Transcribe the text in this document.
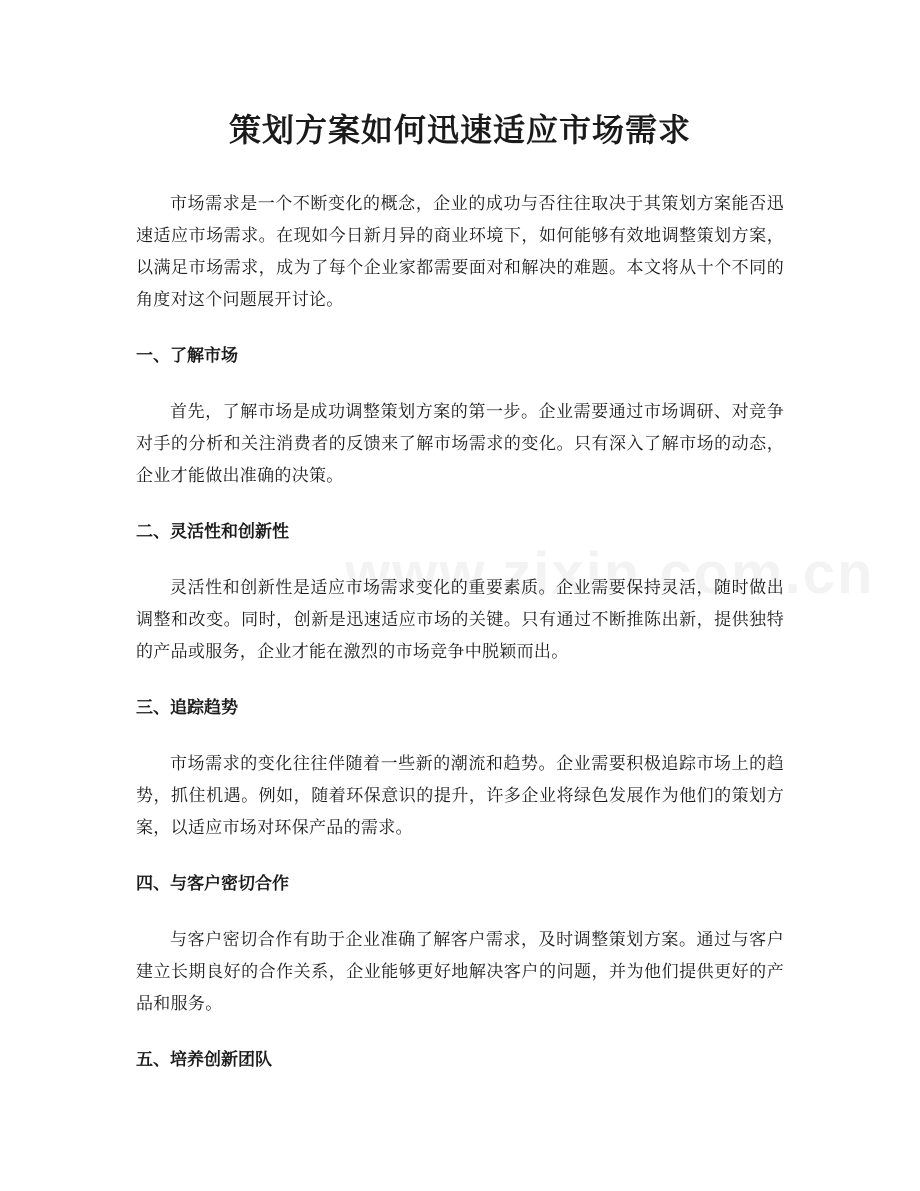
策划方案如何迅速适应市场需求

市场需求是一个不断变化的概念，企业的成功与否往往取决于其策划方案能否迅速适应市场需求。在现如今日新月异的商业环境下，如何能够有效地调整策划方案，以满足市场需求，成为了每个企业家都需要面对和解决的难题。本文将从十个不同的角度对这个问题展开讨论。

一、了解市场

首先，了解市场是成功调整策划方案的第一步。企业需要通过市场调研、对竞争对手的分析和关注消费者的反馈来了解市场需求的变化。只有深入了解市场的动态，企业才能做出准确的决策。

二、灵活性和创新性

灵活性和创新性是适应市场需求变化的重要素质。企业需要保持灵活，随时做出调整和改变。同时，创新是迅速适应市场的关键。只有通过不断推陈出新，提供独特的产品或服务，企业才能在激烈的市场竞争中脱颖而出。

三、追踪趋势

市场需求的变化往往伴随着一些新的潮流和趋势。企业需要积极追踪市场上的趋势，抓住机遇。例如，随着环保意识的提升，许多企业将绿色发展作为他们的策划方案，以适应市场对环保产品的需求。

四、与客户密切合作

与客户密切合作有助于企业准确了解客户需求，及时调整策划方案。通过与客户建立长期良好的合作关系，企业能够更好地解决客户的问题，并为他们提供更好的产品和服务。

五、培养创新团队
